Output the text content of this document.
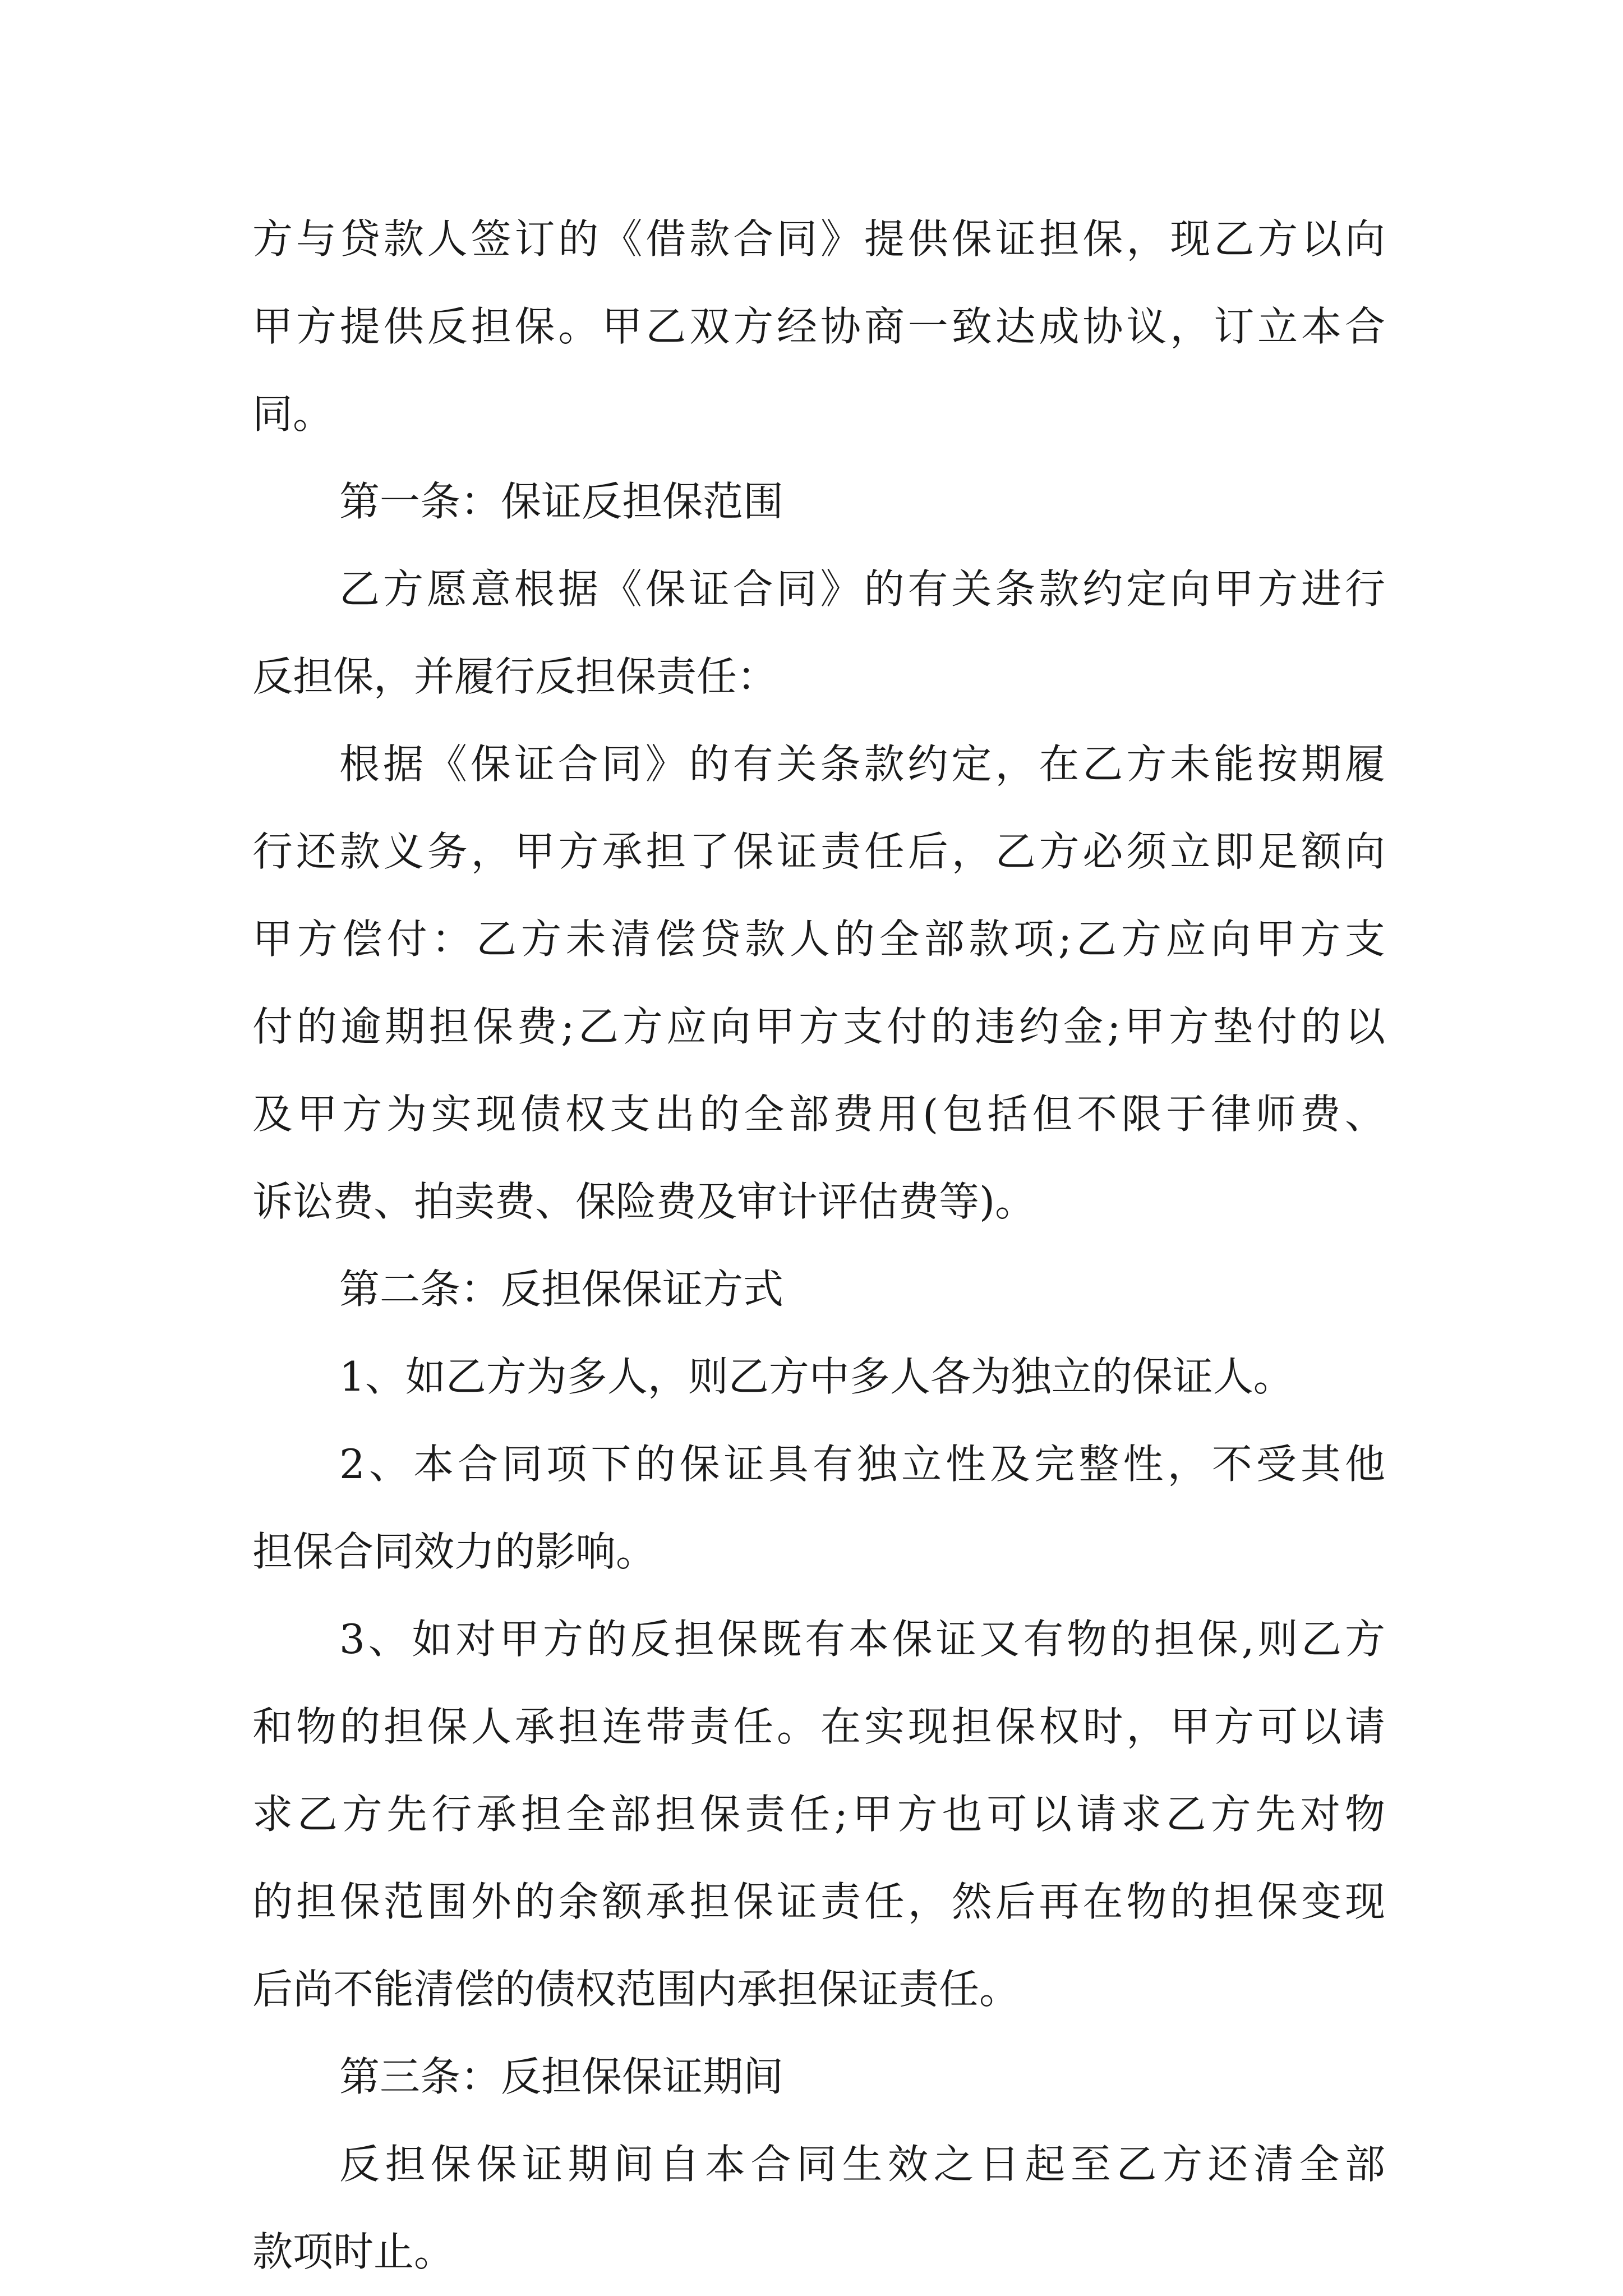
方与贷款人签订的《借款合同》提供保证担保，现乙方以向
甲方提供反担保。甲乙双方经协商一致达成协议，订立本合
同。
第一条：保证反担保范围
乙方愿意根据《保证合同》的有关条款约定向甲方进行
反担保，并履行反担保责任：
根据《保证合同》的有关条款约定，在乙方未能按期履
行还款义务，甲方承担了保证责任后，乙方必须立即足额向
甲方偿付：乙方未清偿贷款人的全部款项;乙方应向甲方支
付的逾期担保费;乙方应向甲方支付的违约金;甲方垫付的以
及甲方为实现债权支出的全部费用(包括但不限于律师费、
诉讼费、拍卖费、保险费及审计评估费等)。
第二条：反担保保证方式
1、如乙方为多人，则乙方中多人各为独立的保证人。
2、本合同项下的保证具有独立性及完整性，不受其他
担保合同效力的影响。
3、如对甲方的反担保既有本保证又有物的担保,则乙方
和物的担保人承担连带责任。在实现担保权时，甲方可以请
求乙方先行承担全部担保责任;甲方也可以请求乙方先对物
的担保范围外的余额承担保证责任，然后再在物的担保变现
后尚不能清偿的债权范围内承担保证责任。
第三条：反担保保证期间
反担保保证期间自本合同生效之日起至乙方还清全部
款项时止。
